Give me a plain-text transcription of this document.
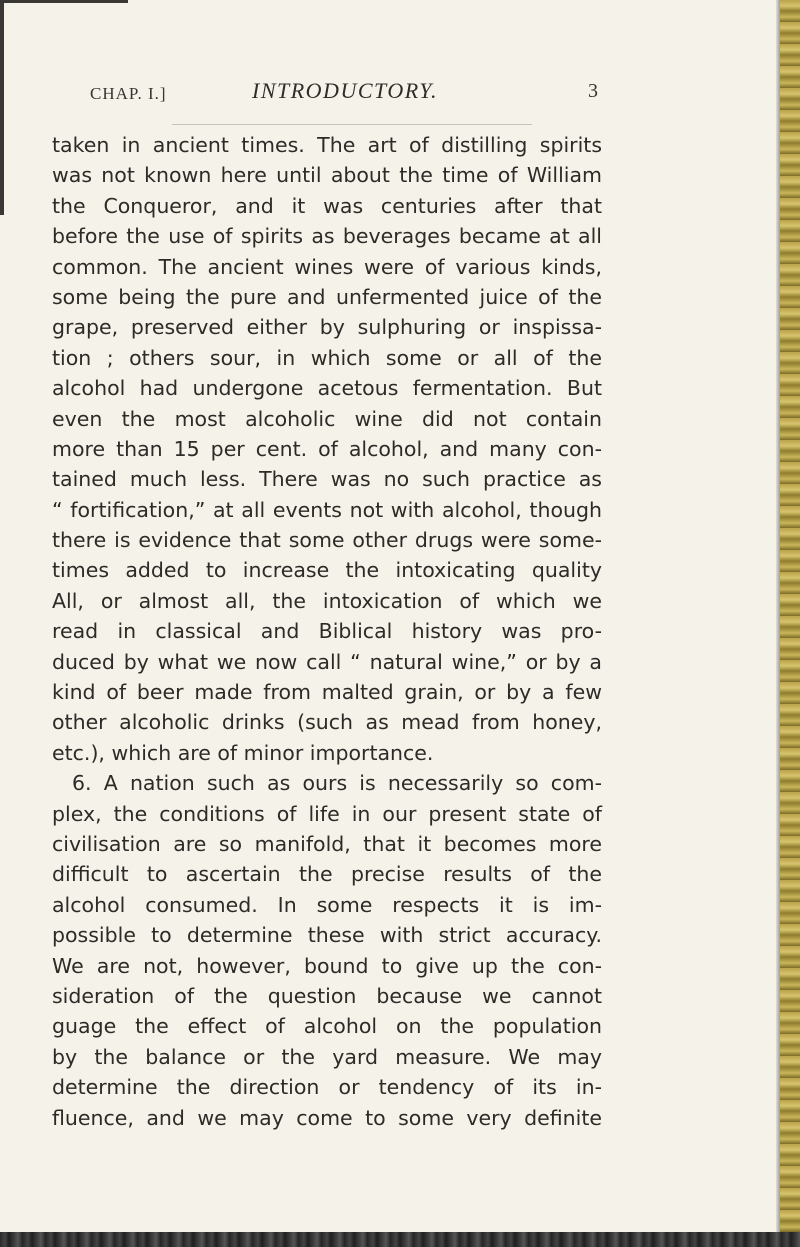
CHAP. I.]	INTRODUCTORY.	3
taken in ancient times. The art of distilling spirits
was not known here until about the time of William
the Conqueror, and it was centuries after that
before the use of spirits as beverages became at all
common. The ancient wines were of various kinds,
some being the pure and unfermented juice of the
grape, preserved either by sulphuring or inspissa-
tion ; others sour, in which some or all of the
alcohol had undergone acetous fermentation. But
even the most alcoholic wine did not contain
more than 15 per cent. of alcohol, and many con-
tained much less. There was no such practice as
“ fortification,” at all events not with alcohol, though
there is evidence that some other drugs were some-
times added to increase the intoxicating quality
All, or almost all, the intoxication of which we
read in classical and Biblical history was pro-
duced by what we now call “ natural wine,” or by a
kind of beer made from malted grain, or by a few
other alcoholic drinks (such as mead from honey,
etc.), which are of minor importance.
6. A nation such as ours is necessarily so com-
plex, the conditions of life in our present state of
civilisation are so manifold, that it becomes more
difficult to ascertain the precise results of the
alcohol consumed. In some respects it is im-
possible to determine these with strict accuracy.
We are not, however, bound to give up the con-
sideration of the question because we cannot
guage the effect of alcohol on the population
by the balance or the yard measure. We may
determine the direction or tendency of its in-
fluence, and we may come to some very definite
